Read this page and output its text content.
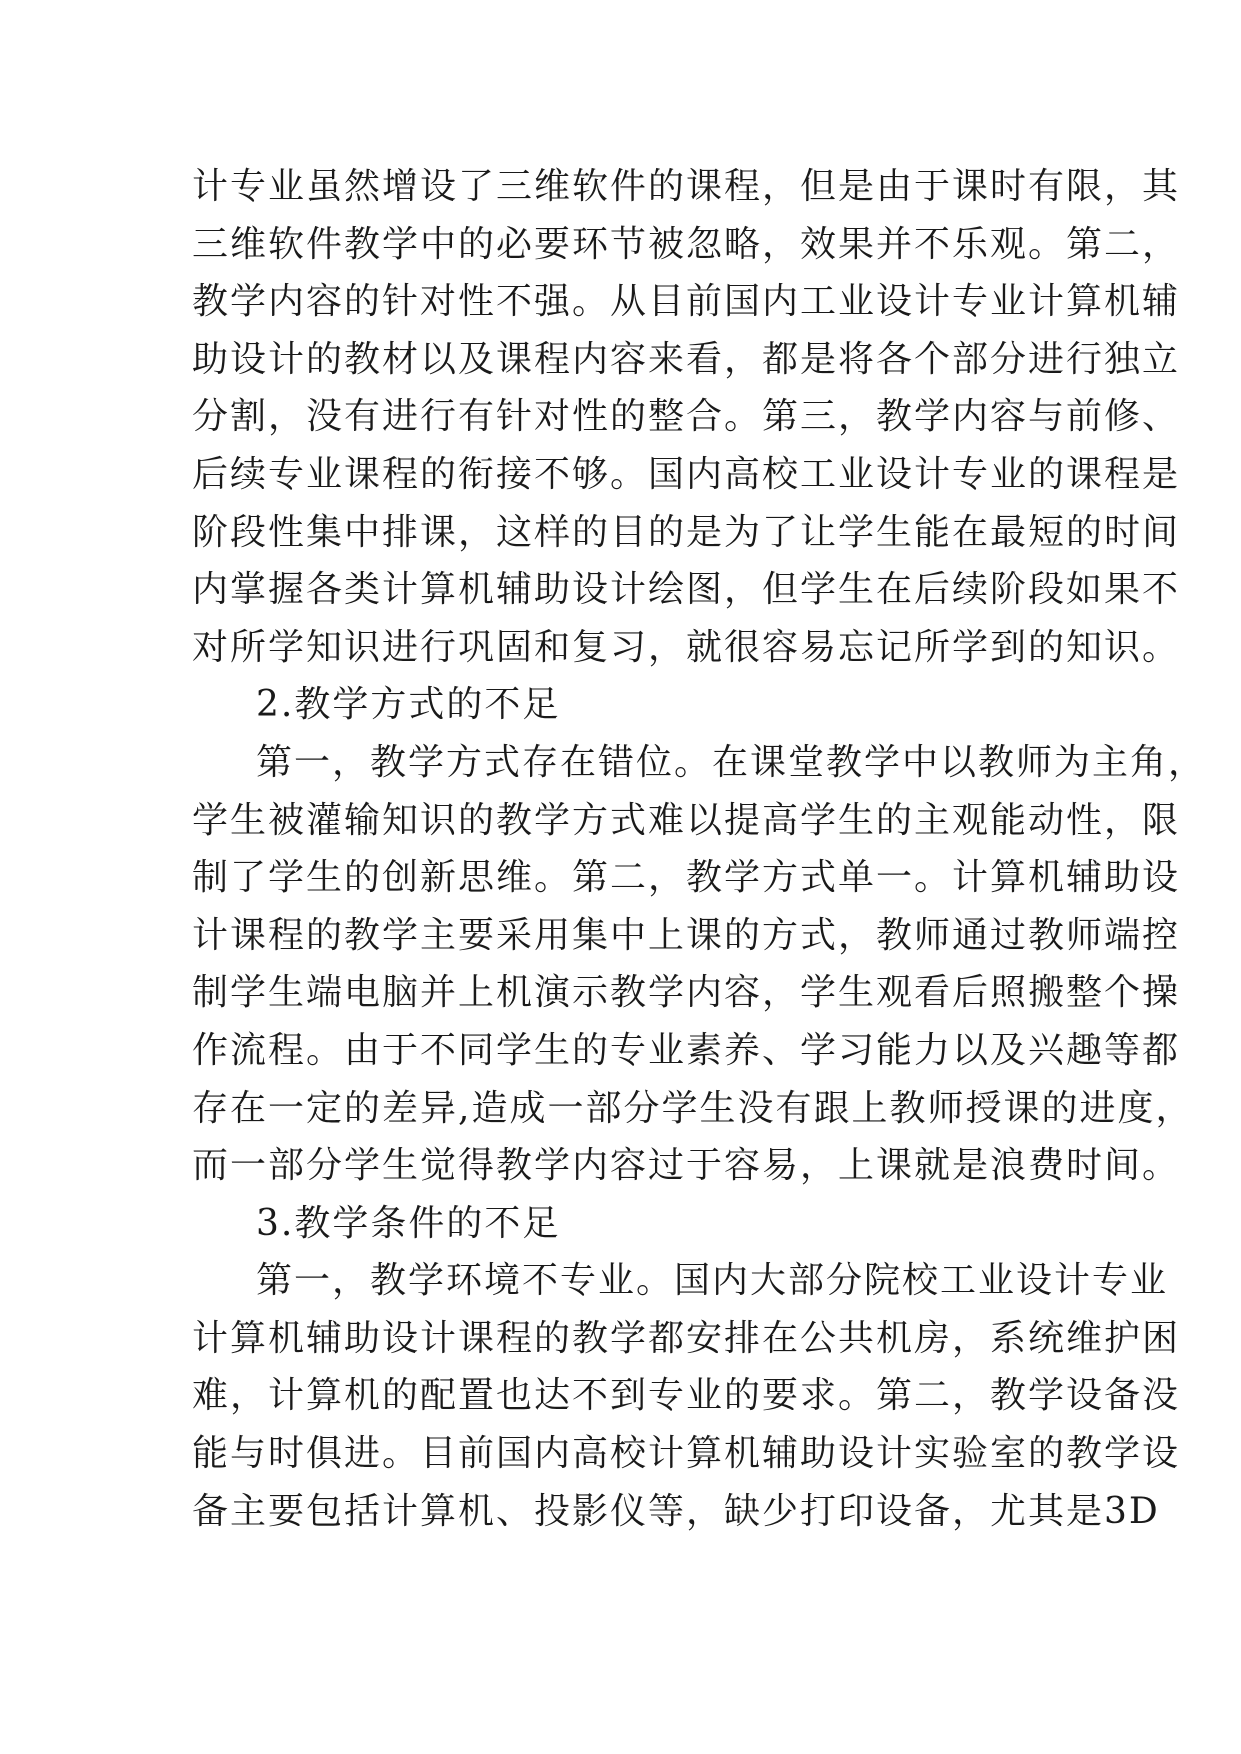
计专业虽然增设了三维软件的课程，但是由于课时有限，其
三维软件教学中的必要环节被忽略，效果并不乐观。第二，
教学内容的针对性不强。从目前国内工业设计专业计算机辅
助设计的教材以及课程内容来看，都是将各个部分进行独立
分割，没有进行有针对性的整合。第三，教学内容与前修、
后续专业课程的衔接不够。国内高校工业设计专业的课程是
阶段性集中排课，这样的目的是为了让学生能在最短的时间
内掌握各类计算机辅助设计绘图，但学生在后续阶段如果不
对所学知识进行巩固和复习，就很容易忘记所学到的知识。
2.教学方式的不足
第一，教学方式存在错位。在课堂教学中以教师为主角，
学生被灌输知识的教学方式难以提高学生的主观能动性，限
制了学生的创新思维。第二，教学方式单一。计算机辅助设
计课程的教学主要采用集中上课的方式，教师通过教师端控
制学生端电脑并上机演示教学内容，学生观看后照搬整个操
作流程。由于不同学生的专业素养、学习能力以及兴趣等都
存在一定的差异,造成一部分学生没有跟上教师授课的进度，
而一部分学生觉得教学内容过于容易，上课就是浪费时间。
3.教学条件的不足
第一，教学环境不专业。国内大部分院校工业设计专业
计算机辅助设计课程的教学都安排在公共机房，系统维护困
难，计算机的配置也达不到专业的要求。第二，教学设备没
能与时俱进。目前国内高校计算机辅助设计实验室的教学设
备主要包括计算机、投影仪等，缺少打印设备，尤其是3D
